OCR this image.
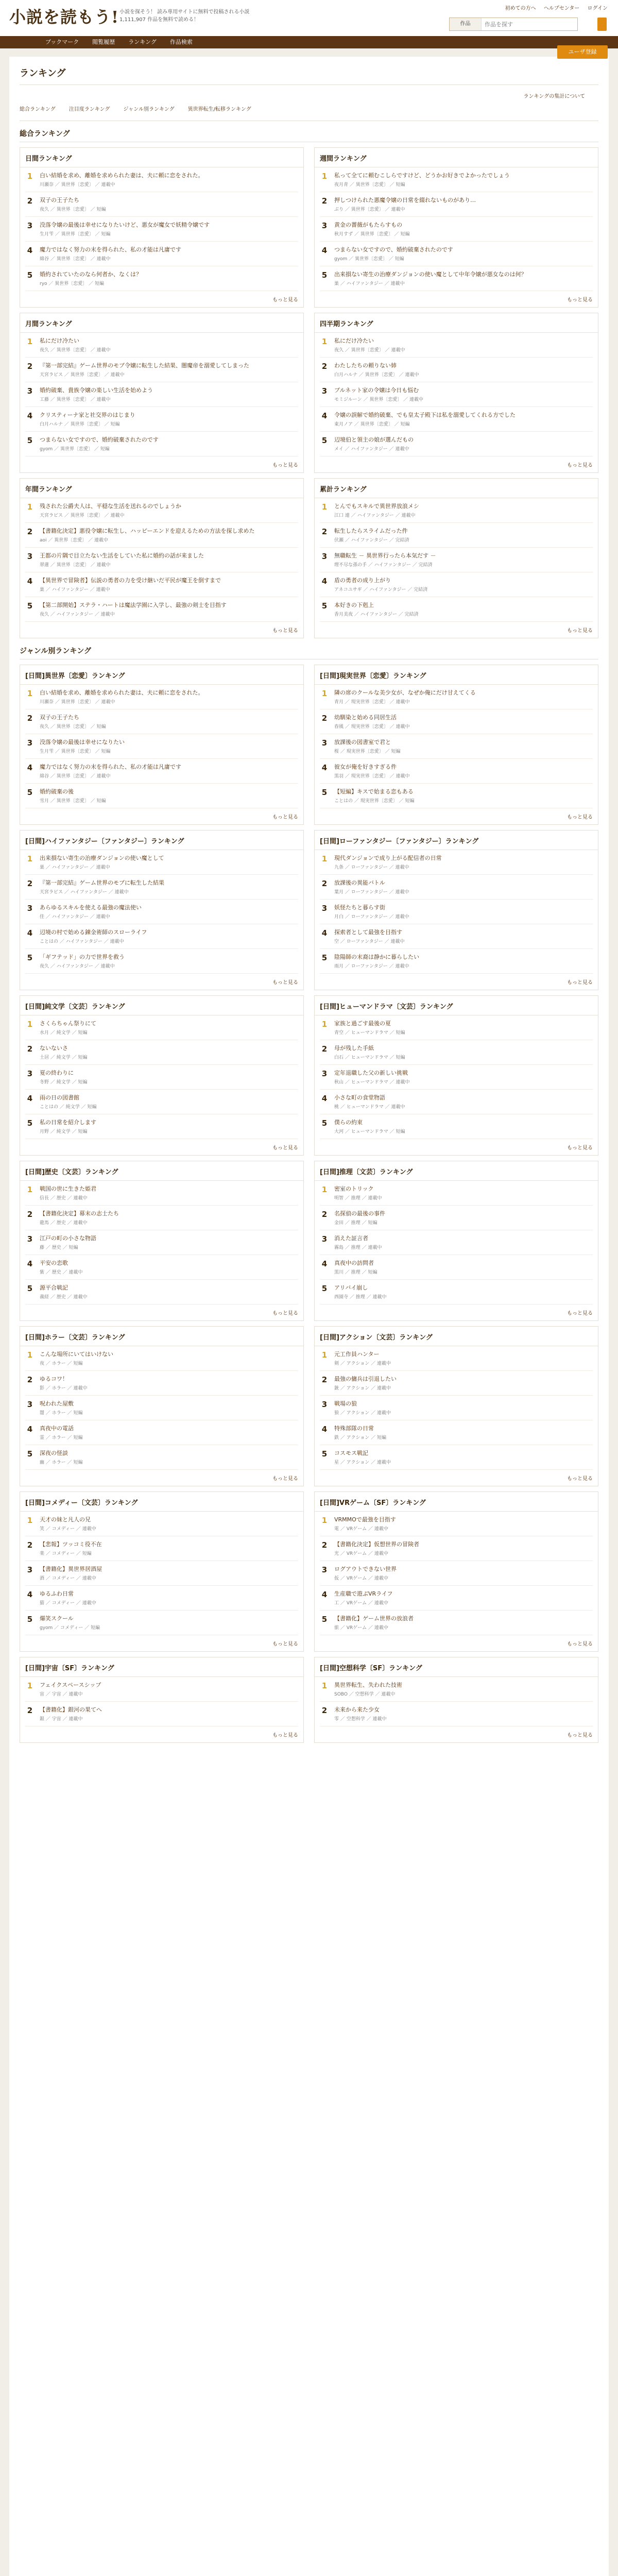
小説を読もう! 小説を探そう！ 読み専用サイトに無料で投稿される小説 1,111,907 作品を無料で読める！
初めての方へ ヘルプセンター ログイン
作品
作品を探す
ブックマーク 閲覧履歴 ランキング 作品検索
ユーザ登録
ランキングの集計について
ランキング
総合ランキング	注目度ランキング	ジャンル別ランキング	異世界転生/転移ランキング
総合ランキング
日間ランキング
1	白い結婚を求め、離婚を求められた妻は、夫に頼に恋をされた。
川瀬奈 ／ 異世界〔恋愛〕 ／ 連載中
2	双子の王子たち
夜久 ／ 異世界〔恋愛〕 ／ 短編
3	没落令嬢の最後は幸せになりたいけど、悪女が魔女で妖精令嬢です
生月雫 ／ 異世界〔恋愛〕 ／ 短編
4	魔力ではなく努力の末を得られた、私の才能は凡庸です
綿谷 ／ 異世界〔恋愛〕 ／ 連載中
5	婚約されていたのなら何者か、なくは？
ryo ／ 異世界〔恋愛〕 ／ 短編
もっと見る
週間ランキング
1	私って全てに頼むこしらですけど、どうかお好きでよかったでしょう
夜月青 ／ 異世界〔恋愛〕 ／ 短編
2	押しつけられた悪魔令嬢の日常を綴れないものがあり…
ぶり ／ 異世界〔恋愛〕 ／ 連載中
3	黄金の薔薇がもたらすもの
秋月すず ／ 異世界〔恋愛〕 ／ 短編
4	つまらない女ですので、婚約破棄されたのです
gyom ／ 異世界〔恋愛〕 ／ 短編
5	出来損ない寄生の治療ダンジョンの使い魔として中年令嬢が悪女なのは何？
巣 ／ ハイファンタジー ／ 連載中
もっと見る
月間ランキング
1	私にだけ冷たい
夜久 ／ 異世界〔恋愛〕 ／ 連載中
2	『第一部完結』ゲーム世界のモブ令嬢に転生した結果、闇魔帝を溺愛してしまった
天宮ラピス ／ 異世界〔恋愛〕 ／ 連載中
3	婚約破棄、貴族令嬢の楽しい生活を始めよう
工藤 ／ 異世界〔恋愛〕 ／ 連載中
4	クリスティーナ家と社交界のはじまり
白月ハルナ ／ 異世界〔恋愛〕 ／ 短編
5	つまらない女ですので、婚約破棄されたのです
gyom ／ 異世界〔恋愛〕 ／ 短編
もっと見る
四半期ランキング
1	私にだけ冷たい
夜久 ／ 異世界〔恋愛〕 ／ 連載中
2	わたしたちの頼りない姉
白月ハルナ ／ 異世界〔恋愛〕 ／ 連載中
3	ブルネット家の令嬢は今日も悩む
モミジルーン ／ 異世界〔恋愛〕 ／ 連載中
4	令嬢の誤解で婚約破棄、でも皇太子殿下は私を溺愛してくれる方でした
東月ノア ／ 異世界〔恋愛〕 ／ 短編
5	辺境伯と領主の娘が選んだもの
メイ ／ ハイファンタジー ／ 連載中
もっと見る
年間ランキング
1	残された公爵夫人は、平穏な生活を送れるのでしょうか
天宮ラピス ／ 異世界〔恋愛〕 ／ 連載中
2	【書籍化決定】悪役令嬢に転生し、ハッピーエンドを迎えるための方法を探し求めた
aoi ／ 異世界〔恋愛〕 ／ 連載中
3	王都の片隅で目立たない生活をしていた私に婚約の話が来ました
翠蓮 ／ 異世界〔恋愛〕 ／ 連載中
4	【異世界で冒険者】伝説の勇者の力を受け継いだ平民が魔王を倒すまで
巣 ／ ハイファンタジー ／ 連載中
5	【第二部開始】ステラ・ハートは魔法学園に入学し、最強の剣士を目指す
夜久 ／ ハイファンタジー ／ 連載中
もっと見る
累計ランキング
1	とんでもスキルで異世界放浪メシ
江口 連 ／ ハイファンタジー ／ 連載中
2	転生したらスライムだった件
伏瀬 ／ ハイファンタジー ／ 完結済
3	無職転生 － 異世界行ったら本気だす －
理不尽な孫の手 ／ ハイファンタジー ／ 完結済
4	盾の勇者の成り上がり
アネコユサギ ／ ハイファンタジー ／ 完結済
5	本好きの下剋上
香月美夜 ／ ハイファンタジー ／ 完結済
もっと見る
ジャンル別ランキング
[日間]異世界〔恋愛〕ランキング
1	白い結婚を求め、離婚を求められた妻は、夫に頼に恋をされた。
川瀬奈 ／ 異世界〔恋愛〕 ／ 連載中
2	双子の王子たち
夜久 ／ 異世界〔恋愛〕 ／ 短編
3	没落令嬢の最後は幸せになりたい
生月雫 ／ 異世界〔恋愛〕 ／ 短編
4	魔力ではなく努力の末を得られた、私の才能は凡庸です
綿谷 ／ 異世界〔恋愛〕 ／ 連載中
5	婚約破棄の後
雪月 ／ 異世界〔恋愛〕 ／ 短編
もっと見る
[日間]現実世界〔恋愛〕ランキング
1	隣の席のクールな美少女が、なぜか俺にだけ甘えてくる
青月 ／ 現実世界〔恋愛〕 ／ 連載中
2	幼馴染と始める同居生活
春風 ／ 現実世界〔恋愛〕 ／ 連載中
3	放課後の図書室で君と
桜 ／ 現実世界〔恋愛〕 ／ 短編
4	彼女が俺を好きすぎる件
黒羽 ／ 現実世界〔恋愛〕 ／ 連載中
5	【短編】キスで始まる恋もある
ことはの ／ 現実世界〔恋愛〕 ／ 短編
もっと見る
[日間]ハイファンタジー〔ファンタジー〕ランキング
1	出来損ない寄生の治療ダンジョンの使い魔として
巣 ／ ハイファンタジー ／ 連載中
2	『第一部完結』ゲーム世界のモブに転生した結果
天宮ラピス ／ ハイファンタジー ／ 連載中
3	あらゆるスキルを使える最強の魔法使い
佳 ／ ハイファンタジー ／ 連載中
4	辺境の村で始める錬金術師のスローライフ
ことはの ／ ハイファンタジー ／ 連載中
5	「ギフテッド」の力で世界を救う
夜久 ／ ハイファンタジー ／ 連載中
もっと見る
[日間]ローファンタジー〔ファンタジー〕ランキング
1	現代ダンジョンで成り上がる配信者の日常
九条 ／ ローファンタジー ／ 連載中
2	放課後の異能バトル
葉月 ／ ローファンタジー ／ 連載中
3	妖怪たちと暮らす街
月白 ／ ローファンタジー ／ 連載中
4	探索者として最強を目指す
空 ／ ローファンタジー ／ 連載中
5	陰陽師の末裔は静かに暮らしたい
雨月 ／ ローファンタジー ／ 連載中
もっと見る
[日間]純文学〔文芸〕ランキング
1	さくらちゃん祭りにて
水月 ／ 純文学 ／ 短編
2	ないないさ
土居 ／ 純文学 ／ 短編
3	夏の終わりに
冬野 ／ 純文学 ／ 短編
4	雨の日の図書館
ことはの ／ 純文学 ／ 短編
5	私の日常を紹介します
月野 ／ 純文学 ／ 短編
もっと見る
[日間]ヒューマンドラマ〔文芸〕ランキング
1	家族と過ごす最後の夏
青空 ／ ヒューマンドラマ ／ 短編
2	母が残した手紙
白石 ／ ヒューマンドラマ ／ 短編
3	定年退職した父の新しい挑戦
秋山 ／ ヒューマンドラマ ／ 連載中
4	小さな町の食堂物語
桃 ／ ヒューマンドラマ ／ 連載中
5	僕らの約束
大河 ／ ヒューマンドラマ ／ 短編
もっと見る
[日間]歴史〔文芸〕ランキング
1	戦国の世に生きた姫君
信長 ／ 歴史 ／ 連載中
2	【書籍化決定】幕末の志士たち
龍馬 ／ 歴史 ／ 連載中
3	江戸の町の小さな物語
藤 ／ 歴史 ／ 短編
4	平安の恋歌
紫 ／ 歴史 ／ 連載中
5	源平合戦記
義経 ／ 歴史 ／ 連載中
もっと見る
[日間]推理〔文芸〕ランキング
1	密室のトリック
明智 ／ 推理 ／ 連載中
2	名探偵の最後の事件
金田 ／ 推理 ／ 短編
3	消えた証言者
霧島 ／ 推理 ／ 連載中
4	真夜中の訪問者
黒川 ／ 推理 ／ 短編
5	アリバイ崩し
西園寺 ／ 推理 ／ 連載中
もっと見る
[日間]ホラー〔文芸〕ランキング
1	こんな場所にいてはいけない
夜 ／ ホラー ／ 短編
2	ゆるコワ！
影 ／ ホラー ／ 連載中
3	呪われた屋敷
闇 ／ ホラー ／ 短編
4	真夜中の電話
霊 ／ ホラー ／ 短編
5	深夜の怪談
幽 ／ ホラー ／ 短編
もっと見る
[日間]アクション〔文芸〕ランキング
1	元工作員ハンター
剣 ／ アクション ／ 連載中
2	最強の傭兵は引退したい
銃 ／ アクション ／ 連載中
3	戦場の狼
狼 ／ アクション ／ 連載中
4	特殊部隊の日常
鉄 ／ アクション ／ 短編
5	コスモス戦記
星 ／ アクション ／ 連載中
もっと見る
[日間]コメディー〔文芸〕ランキング
1	天才の妹と凡人の兄
笑 ／ コメディー ／ 連載中
2	【悲報】ツッコミ役不在
楽 ／ コメディー ／ 短編
3	【書籍化】異世界居酒屋
酒 ／ コメディー ／ 連載中
4	ゆるふわ日常
猫 ／ コメディー ／ 連載中
5	爆笑スクール
gyom ／ コメディー ／ 短編
もっと見る
[日間]VRゲーム〔SF〕ランキング
1	VRMMOで最強を目指す
電 ／ VRゲーム ／ 連載中
2	【書籍化決定】仮想世界の冒険者
光 ／ VRゲーム ／ 連載中
3	ログアウトできない世界
仮 ／ VRゲーム ／ 連載中
4	生産職で遊ぶVRライフ
工 ／ VRゲーム ／ 連載中
5	【書籍化】ゲーム世界の放浪者
旅 ／ VRゲーム ／ 連載中
もっと見る
[日間]宇宙〔SF〕ランキング
1	フェイクスペースシップ
宙 ／ 宇宙 ／ 連載中
2	【書籍化】銀河の果てへ
銀 ／ 宇宙 ／ 連載中
もっと見る
[日間]空想科学〔SF〕ランキング
1	異世界転生、失われた技術
SOBO ／ 空想科学 ／ 連載中
2	未来から来た少女
零 ／ 空想科学 ／ 連載中
もっと見る
